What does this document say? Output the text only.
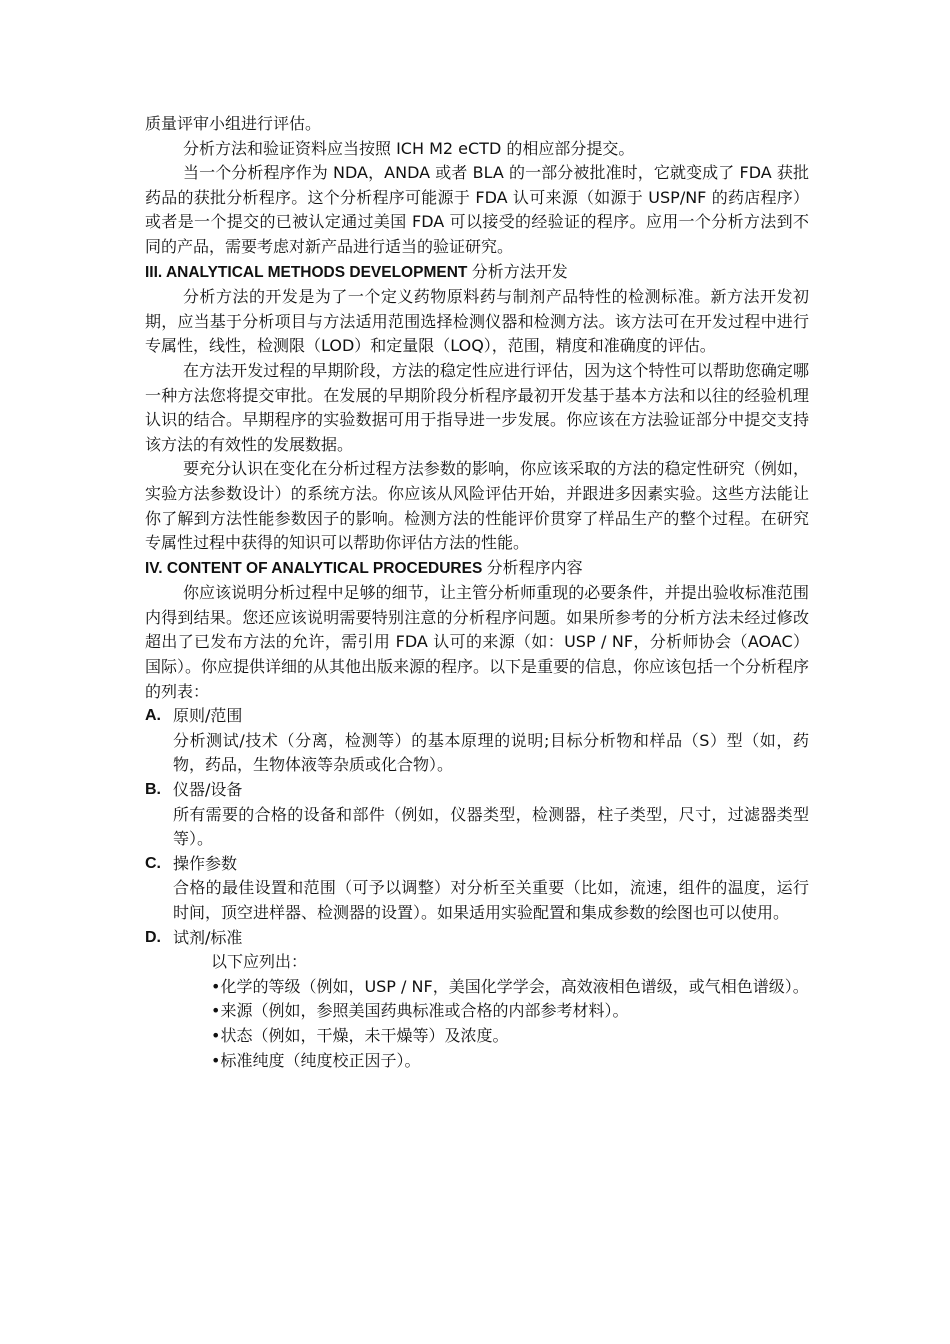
质量评审小组进行评估。

分析方法和验证资料应当按照 ICH M2 eCTD 的相应部分提交。

当一个分析程序作为 NDA，ANDA 或者 BLA 的一部分被批准时，它就变成了 FDA 获批药品的获批分析程序。这个分析程序可能源于 FDA 认可来源（如源于 USP/NF 的药店程序）或者是一个提交的已被认定通过美国 FDA 可以接受的经验证的程序。应用一个分析方法到不同的产品，需要考虑对新产品进行适当的验证研究。

III. ANALYTICAL METHODS DEVELOPMENT 分析方法开发

分析方法的开发是为了一个定义药物原料药与制剂产品特性的检测标准。新方法开发初期，应当基于分析项目与方法适用范围选择检测仪器和检测方法。该方法可在开发过程中进行专属性，线性，检测限（LOD）和定量限（LOQ），范围，精度和准确度的评估。

在方法开发过程的早期阶段，方法的稳定性应进行评估，因为这个特性可以帮助您确定哪一种方法您将提交审批。在发展的早期阶段分析程序最初开发基于基本方法和以往的经验机理认识的结合。早期程序的实验数据可用于指导进一步发展。你应该在方法验证部分中提交支持该方法的有效性的发展数据。

要充分认识在变化在分析过程方法参数的影响，你应该采取的方法的稳定性研究（例如，实验方法参数设计）的系统方法。你应该从风险评估开始，并跟进多因素实验。这些方法能让你了解到方法性能参数因子的影响。检测方法的性能评价贯穿了样品生产的整个过程。在研究专属性过程中获得的知识可以帮助你评估方法的性能。

IV. CONTENT OF ANALYTICAL PROCEDURES 分析程序内容

你应该说明分析过程中足够的细节，让主管分析师重现的必要条件，并提出验收标准范围内得到结果。您还应该说明需要特别注意的分析程序问题。如果所参考的分析方法未经过修改超出了已发布方法的允许，需引用 FDA 认可的来源（如：USP / NF，分析师协会（AOAC）国际）。你应提供详细的从其他出版来源的程序。以下是重要的信息，你应该包括一个分析程序的列表：

A. 原则/范围

分析测试/技术（分离，检测等）的基本原理的说明;目标分析物和样品（S）型（如，药物，药品，生物体液等杂质或化合物）。

B. 仪器/设备

所有需要的合格的设备和部件（例如，仪器类型，检测器，柱子类型，尺寸，过滤器类型等）。

C. 操作参数

合格的最佳设置和范围（可予以调整）对分析至关重要（比如，流速，组件的温度，运行时间，顶空进样器、检测器的设置）。如果适用实验配置和集成参数的绘图也可以使用。

D. 试剂/标准

以下应列出：

•化学的等级（例如，USP / NF，美国化学学会，高效液相色谱级，或气相色谱级）。

•来源（例如，参照美国药典标准或合格的内部参考材料）。

•状态（例如，干燥，未干燥等）及浓度。

•标准纯度（纯度校正因子）。
